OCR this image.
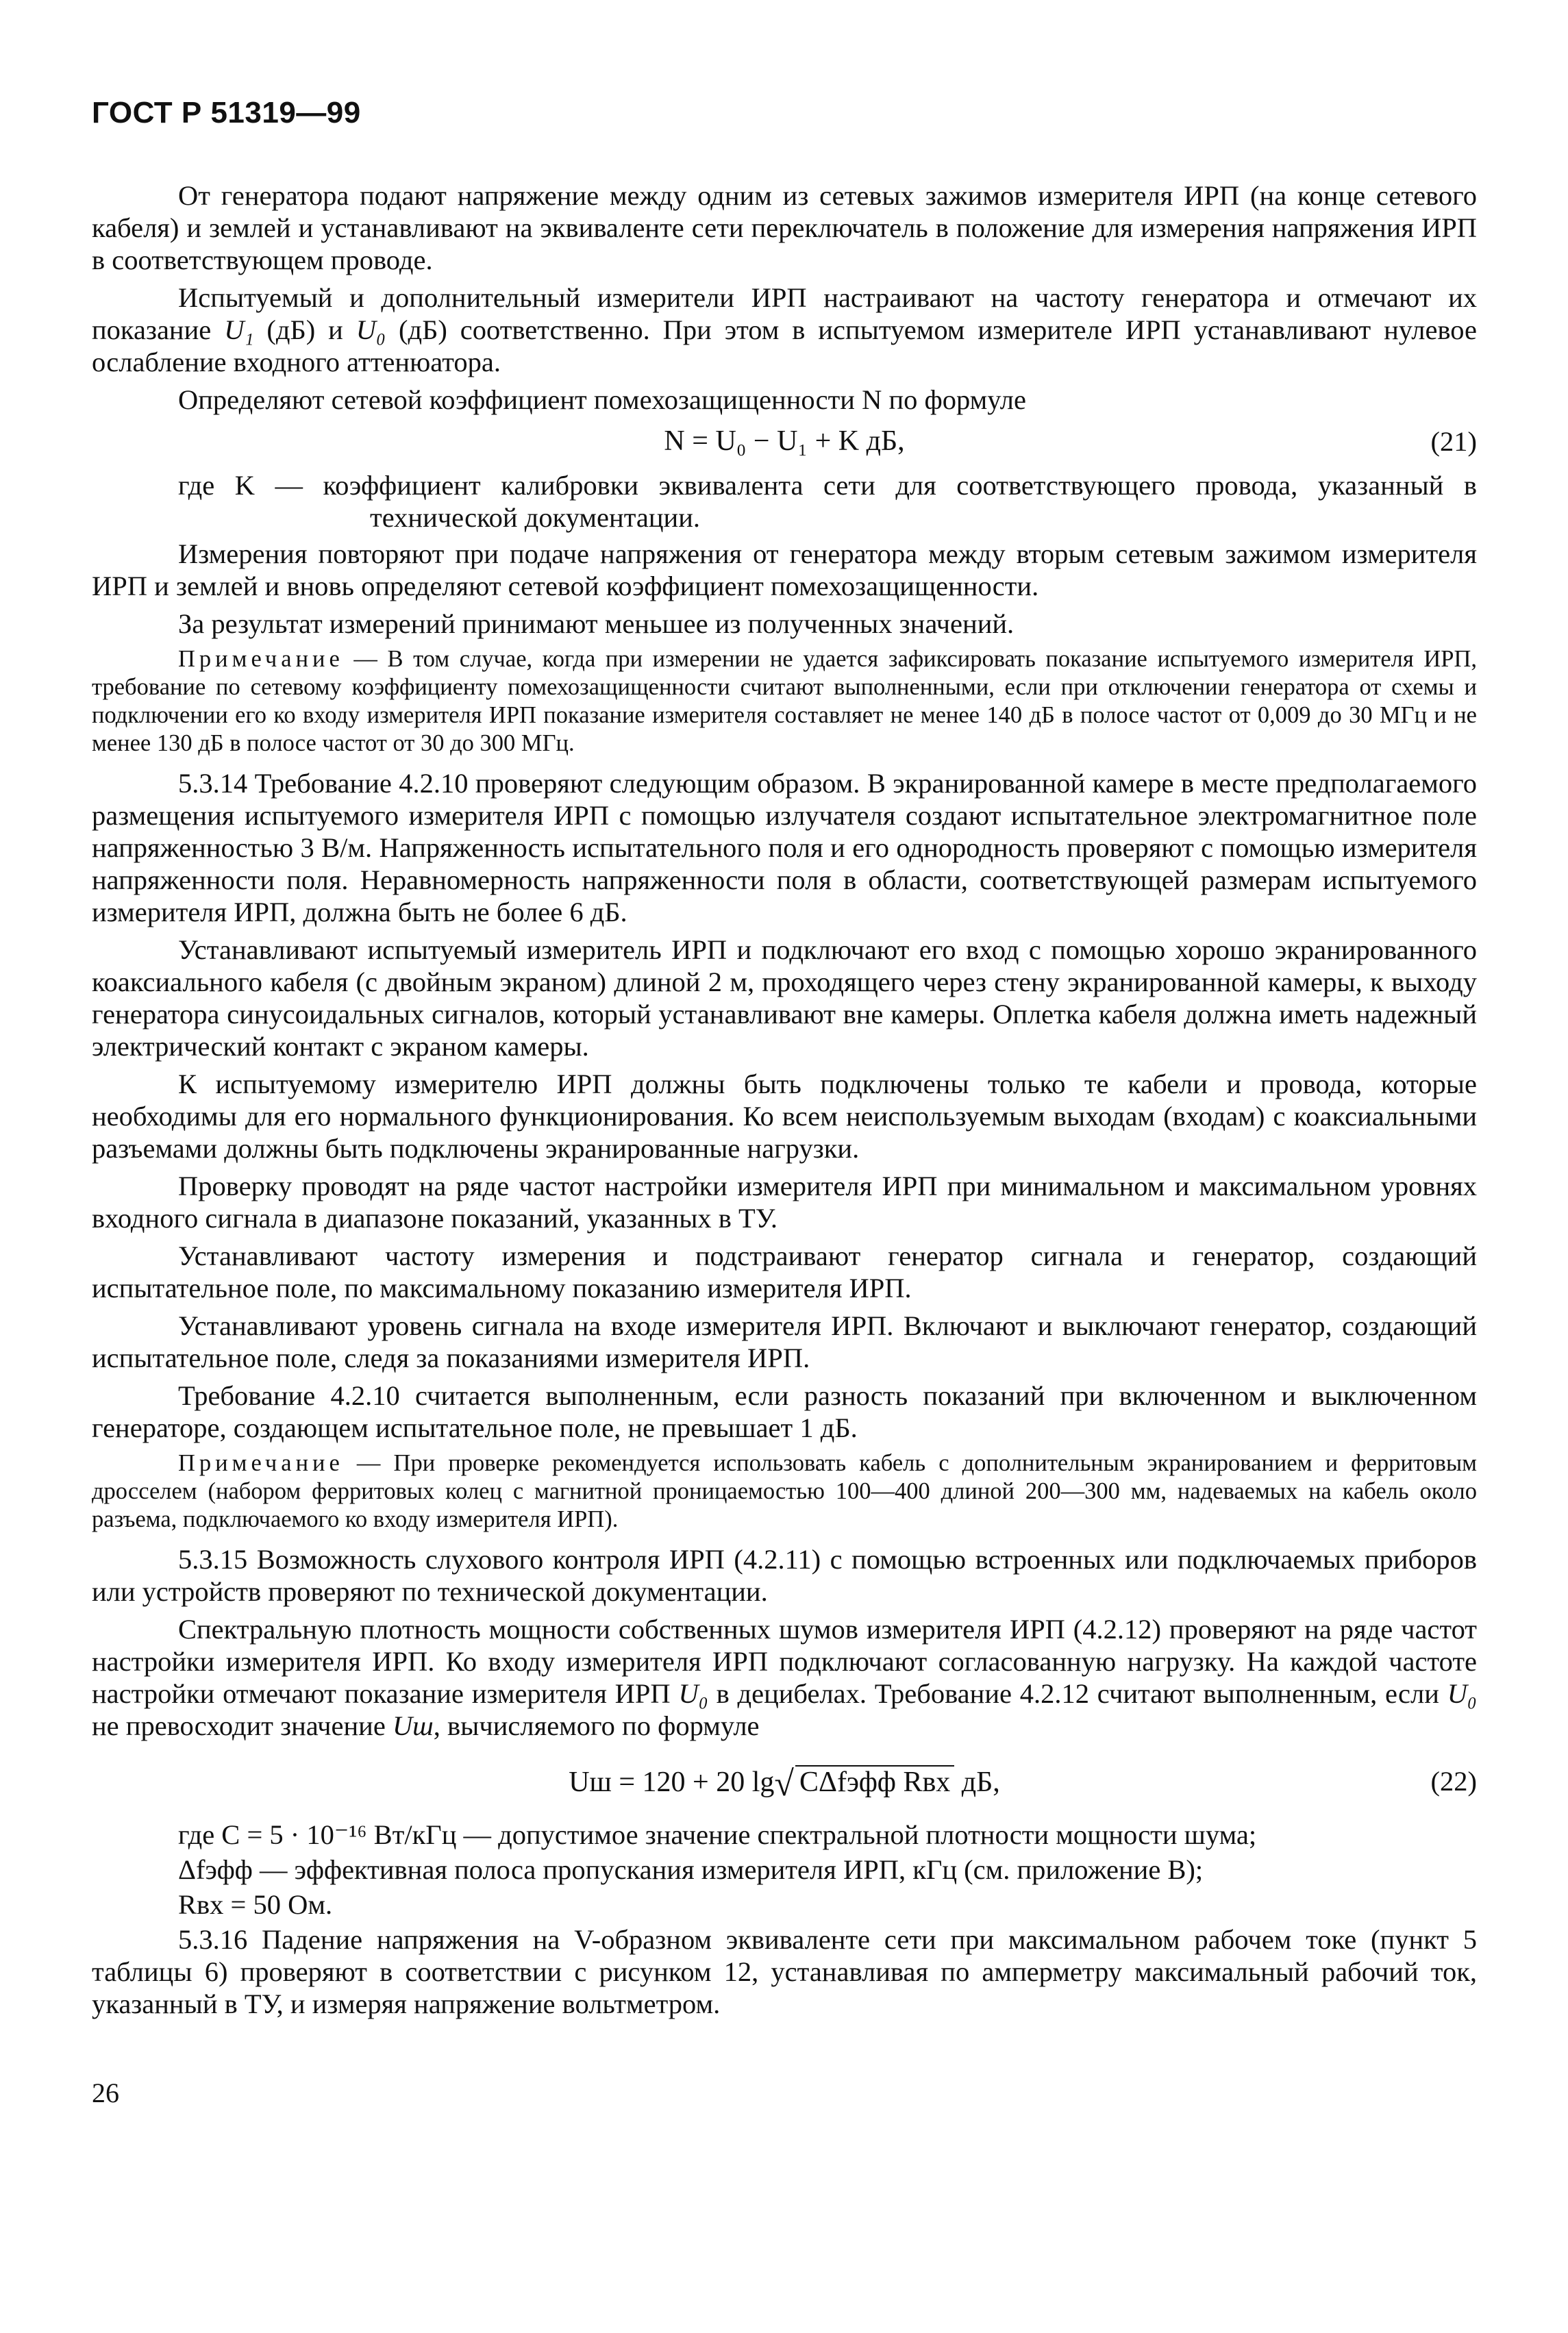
ГОСТ Р 51319—99

От генератора подают напряжение между одним из сетевых зажимов измерителя ИРП (на конце сетевого кабеля) и землей и устанавливают на эквиваленте сети переключатель в положение для измерения напряжения ИРП в соответствующем проводе.

Испытуемый и дополнительный измерители ИРП настраивают на частоту генератора и отмечают их показание U₁ (дБ) и U₀ (дБ) соответственно. При этом в испытуемом измерителе ИРП устанавливают нулевое ослабление входного аттенюатора.

Определяют сетевой коэффициент помехозащищенности N по формуле

N = U₀ − U₁ + K дБ,	(21)

где K — коэффициент калибровки эквивалента сети для соответствующего провода, указанный в технической документации.

Измерения повторяют при подаче напряжения от генератора между вторым сетевым зажимом измерителя ИРП и землей и вновь определяют сетевой коэффициент помехозащищенности.

За результат измерений принимают меньшее из полученных значений.

Примечание — В том случае, когда при измерении не удается зафиксировать показание испытуемого измерителя ИРП, требование по сетевому коэффициенту помехозащищенности считают выполненными, если при отключении генератора от схемы и подключении его ко входу измерителя ИРП показание измерителя составляет не менее 140 дБ в полосе частот от 0,009 до 30 МГц и не менее 130 дБ в полосе частот от 30 до 300 МГц.

5.3.14 Требование 4.2.10 проверяют следующим образом. В экранированной камере в месте предполагаемого размещения испытуемого измерителя ИРП с помощью излучателя создают испытательное электромагнитное поле напряженностью 3 В/м. Напряженность испытательного поля и его однородность проверяют с помощью измерителя напряженности поля. Неравномерность напряженности поля в области, соответствующей размерам испытуемого измерителя ИРП, должна быть не более 6 дБ.

Устанавливают испытуемый измеритель ИРП и подключают его вход с помощью хорошо экранированного коаксиального кабеля (с двойным экраном) длиной 2 м, проходящего через стену экранированной камеры, к выходу генератора синусоидальных сигналов, который устанавливают вне камеры. Оплетка кабеля должна иметь надежный электрический контакт с экраном камеры.

К испытуемому измерителю ИРП должны быть подключены только те кабели и провода, которые необходимы для его нормального функционирования. Ко всем неиспользуемым выходам (входам) с коаксиальными разъемами должны быть подключены экранированные нагрузки.

Проверку проводят на ряде частот настройки измерителя ИРП при минимальном и максимальном уровнях входного сигнала в диапазоне показаний, указанных в ТУ.

Устанавливают частоту измерения и подстраивают генератор сигнала и генератор, создающий испытательное поле, по максимальному показанию измерителя ИРП.

Устанавливают уровень сигнала на входе измерителя ИРП. Включают и выключают генератор, создающий испытательное поле, следя за показаниями измерителя ИРП.

Требование 4.2.10 считается выполненным, если разность показаний при включенном и выключенном генераторе, создающем испытательное поле, не превышает 1 дБ.

Примечание — При проверке рекомендуется использовать кабель с дополнительным экранированием и ферритовым дросселем (набором ферритовых колец с магнитной проницаемостью 100—400 длиной 200—300 мм, надеваемых на кабель около разъема, подключаемого ко входу измерителя ИРП).

5.3.15 Возможность слухового контроля ИРП (4.2.11) с помощью встроенных или подключаемых приборов или устройств проверяют по технической документации.

Спектральную плотность мощности собственных шумов измерителя ИРП (4.2.12) проверяют на ряде частот настройки измерителя ИРП. Ко входу измерителя ИРП подключают согласованную нагрузку. На каждой частоте настройки отмечают показание измерителя ИРП U₀ в децибелах. Требование 4.2.12 считают выполненным, если U₀ не превосходит значение Uш, вычисляемого по формуле

Uш = 120 + 20 lg√ CΔfэфф Rвх дБ,	(22)

где C = 5 · 10⁻¹⁶ Вт/кГц — допустимое значение спектральной плотности мощности шума;

Δfэфф — эффективная полоса пропускания измерителя ИРП, кГц (см. приложение В);

Rвх = 50 Ом.

5.3.16 Падение напряжения на V-образном эквиваленте сети при максимальном рабочем токе (пункт 5 таблицы 6) проверяют в соответствии с рисунком 12, устанавливая по амперметру максимальный рабочий ток, указанный в ТУ, и измеряя напряжение вольтметром.

26
